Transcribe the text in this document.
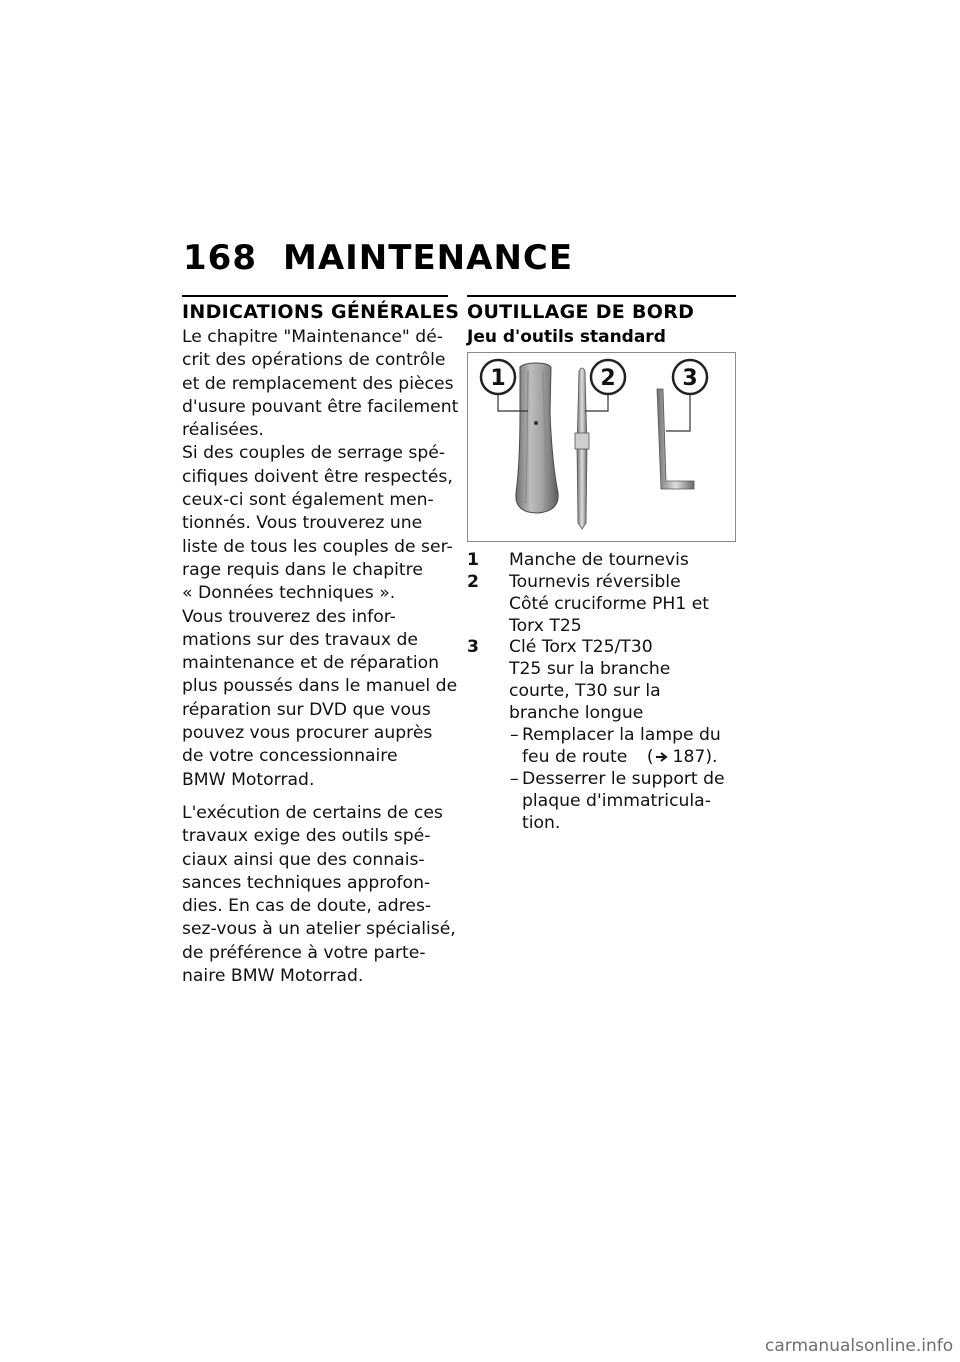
168 MAINTENANCE
INDICATIONS GÉNÉRALES
Le chapitre "Maintenance" dé-
crit des opérations de contrôle
et de remplacement des pièces
d'usure pouvant être facilement
réalisées.
Si des couples de serrage spé-
cifiques doivent être respectés,
ceux-ci sont également men-
tionnés. Vous trouverez une
liste de tous les couples de ser-
rage requis dans le chapitre
« Données techniques ».
Vous trouverez des infor-
mations sur des travaux de
maintenance et de réparation
plus poussés dans le manuel de
réparation sur DVD que vous
pouvez vous procurer auprès
de votre concessionnaire
BMW Motorrad.
L'exécution de certains de ces
travaux exige des outils spé-
ciaux ainsi que des connais-
sances techniques approfon-
dies. En cas de doute, adres-
sez-vous à un atelier spécialisé,
de préférence à votre parte-
naire BMW Motorrad.
OUTILLAGE DE BORD
Jeu d'outils standard
1	2	3
1	Manche de tournevis
2	Tournevis réversible
Côté cruciforme PH1 et
Torx T25
3	Clé Torx T25/T30
T25 sur la branche
courte, T30 sur la
branche longue
– Remplacer la lampe du
feu de route ( 187).
– Desserrer le support de
plaque d'immatricula-
tion.
carmanualsonline.info
